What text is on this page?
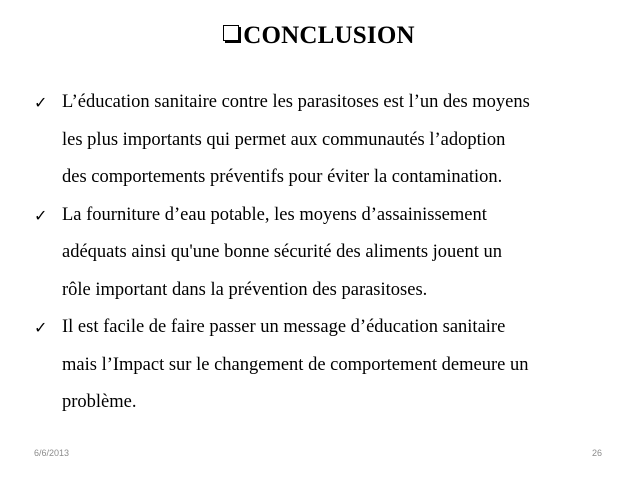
CONCLUSION
✓ L’éducation sanitaire contre les parasitoses est l’un des moyens
les plus importants qui permet aux communautés l’adoption
des comportements préventifs pour éviter la contamination.
✓ La fourniture d’eau potable, les moyens d’assainissement
adéquats ainsi qu'une bonne sécurité des aliments jouent un
rôle important dans la prévention des parasitoses.
✓ Il est facile de faire passer un message d’éducation sanitaire
mais l’Impact sur le changement de comportement demeure un
problème.
6/6/2013	26
